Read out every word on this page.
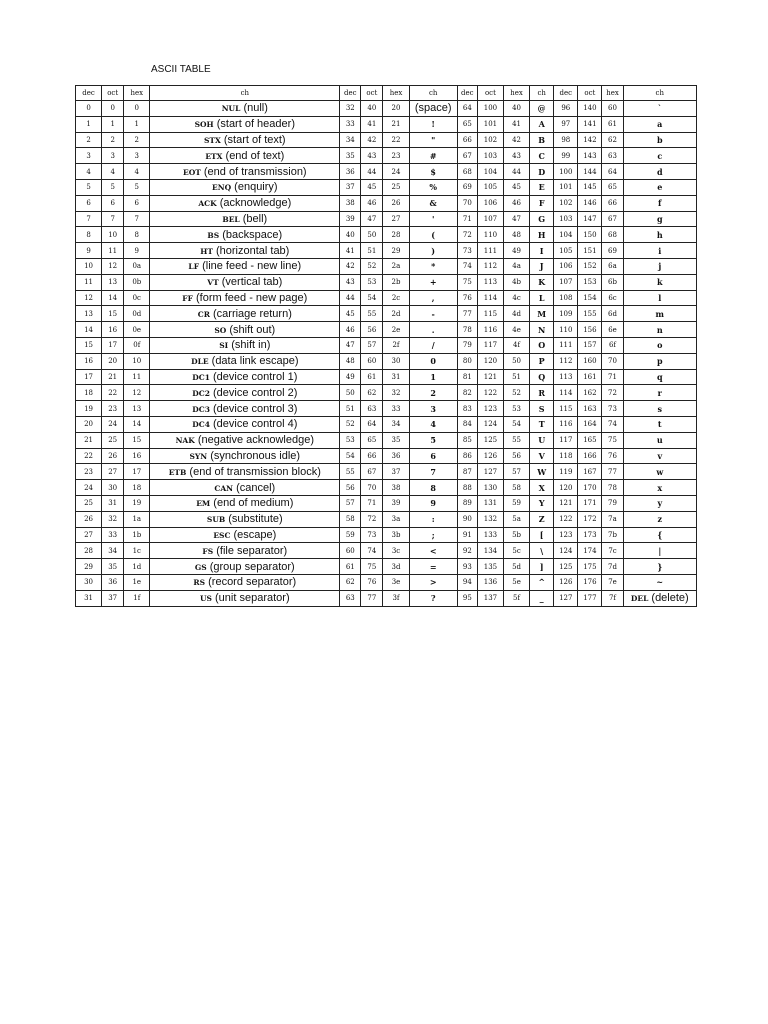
ASCII TABLE
dec	oct	hex	ch	dec	oct	hex	ch	dec	oct	hex	ch	dec	oct	hex	ch
0	0	0	NUL (null)	32	40	20	(space)	64	100	40	@	96	140	60	`
1	1	1	SOH (start of header)	33	41	21	!	65	101	41	A	97	141	61	a
2	2	2	STX (start of text)	34	42	22	"	66	102	42	B	98	142	62	b
3	3	3	ETX (end of text)	35	43	23	#	67	103	43	C	99	143	63	c
4	4	4	EOT (end of transmission)	36	44	24	$	68	104	44	D	100	144	64	d
5	5	5	ENQ (enquiry)	37	45	25	%	69	105	45	E	101	145	65	e
6	6	6	ACK (acknowledge)	38	46	26	&	70	106	46	F	102	146	66	f
7	7	7	BEL (bell)	39	47	27	'	71	107	47	G	103	147	67	g
8	10	8	BS (backspace)	40	50	28	(	72	110	48	H	104	150	68	h
9	11	9	HT (horizontal tab)	41	51	29	)	73	111	49	I	105	151	69	i
10	12	0a	LF (line feed - new line)	42	52	2a	*	74	112	4a	J	106	152	6a	j
11	13	0b	VT (vertical tab)	43	53	2b	+	75	113	4b	K	107	153	6b	k
12	14	0c	FF (form feed - new page)	44	54	2c	,	76	114	4c	L	108	154	6c	l
13	15	0d	CR (carriage return)	45	55	2d	-	77	115	4d	M	109	155	6d	m
14	16	0e	SO (shift out)	46	56	2e	.	78	116	4e	N	110	156	6e	n
15	17	0f	SI (shift in)	47	57	2f	/	79	117	4f	O	111	157	6f	o
16	20	10	DLE (data link escape)	48	60	30	0	80	120	50	P	112	160	70	p
17	21	11	DC1 (device control 1)	49	61	31	1	81	121	51	Q	113	161	71	q
18	22	12	DC2 (device control 2)	50	62	32	2	82	122	52	R	114	162	72	r
19	23	13	DC3 (device control 3)	51	63	33	3	83	123	53	S	115	163	73	s
20	24	14	DC4 (device control 4)	52	64	34	4	84	124	54	T	116	164	74	t
21	25	15	NAK (negative acknowledge)	53	65	35	5	85	125	55	U	117	165	75	u
22	26	16	SYN (synchronous idle)	54	66	36	6	86	126	56	V	118	166	76	v
23	27	17	ETB (end of transmission block)	55	67	37	7	87	127	57	W	119	167	77	w
24	30	18	CAN (cancel)	56	70	38	8	88	130	58	X	120	170	78	x
25	31	19	EM (end of medium)	57	71	39	9	89	131	59	Y	121	171	79	y
26	32	1a	SUB (substitute)	58	72	3a	:	90	132	5a	Z	122	172	7a	z
27	33	1b	ESC (escape)	59	73	3b	;	91	133	5b	[	123	173	7b	{
28	34	1c	FS (file separator)	60	74	3c	<	92	134	5c	\	124	174	7c	|
29	35	1d	GS (group separator)	61	75	3d	=	93	135	5d	]	125	175	7d	}
30	36	1e	RS (record separator)	62	76	3e	>	94	136	5e	^	126	176	7e	~
31	37	1f	US (unit separator)	63	77	3f	?	95	137	5f	_	127	177	7f	DEL (delete)
